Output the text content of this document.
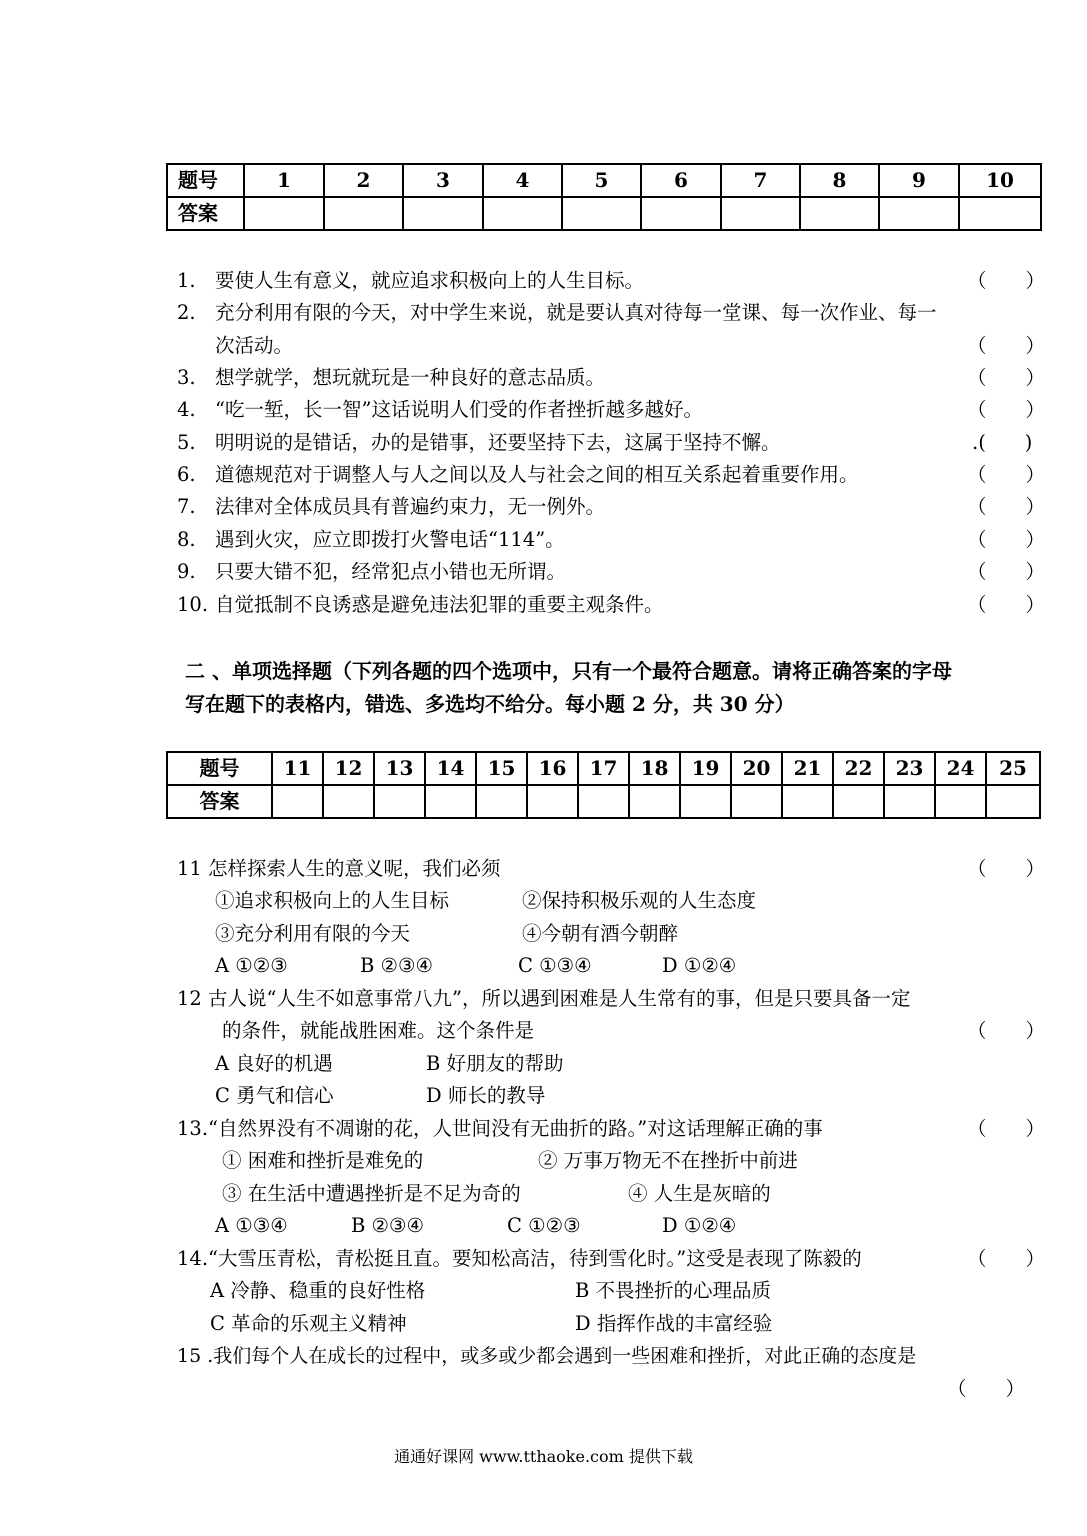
题号	1	2	3	4	5	6	7	8	9	10
答案										
1. 要使人生有意义，就应追求积极向上的人生目标。	（　　）
2. 充分利用有限的今天，对中学生来说，就是要认真对待每一堂课、每一次作业、每一
次活动。	（　　）
3. 想学就学，想玩就玩是一种良好的意志品质。	（　　）
4. “吃一堑，长一智”这话说明人们受的作者挫折越多越好。	（　　）
5. 明明说的是错话，办的是错事，还要坚持下去，这属于坚持不懈。	.(　　)
6. 道德规范对于调整人与人之间以及人与社会之间的相互关系起着重要作用。	（　　）
7. 法律对全体成员具有普遍约束力，无一例外。	（　　）
8. 遇到火灾，应立即拨打火警电话“114”。	（　　）
9. 只要大错不犯，经常犯点小错也无所谓。	（　　）
10. 自觉抵制不良诱惑是避免违法犯罪的重要主观条件。	（　　）
二 、单项选择题（下列各题的四个选项中，只有一个最符合题意。请将正确答案的字母
写在题下的表格内，错选、多选均不给分。每小题 2 分，共 30 分）
题号	11	12	13	14	15	16	17	18	19	20	21	22	23	24	25
答案															
11 怎样探索人生的意义呢，我们必须	（　　）
①追求积极向上的人生目标	②保持积极乐观的人生态度
③充分利用有限的今天	④今朝有酒今朝醉
A ①②③	B ②③④	C ①③④	D ①②④
12 古人说“人生不如意事常八九”，所以遇到困难是人生常有的事，但是只要具备一定
的条件，就能战胜困难。这个条件是	（　　）
A 良好的机遇	B 好朋友的帮助
C 勇气和信心	D 师长的教导
13.“自然界没有不凋谢的花，人世间没有无曲折的路。”对这话理解正确的事	（　　）
① 困难和挫折是难免的	② 万事万物无不在挫折中前进
③ 在生活中遭遇挫折是不足为奇的	④ 人生是灰暗的
A ①③④	B ②③④	C ①②③	D ①②④
14.“大雪压青松，青松挺且直。要知松高洁，待到雪化时。”这受是表现了陈毅的	（　　）
A 冷静、稳重的良好性格	B 不畏挫折的心理品质
C 革命的乐观主义精神	D 指挥作战的丰富经验
15 .我们每个人在成长的过程中，或多或少都会遇到一些困难和挫折，对此正确的态度是
（　　）
通通好课网 www.tthaoke.com 提供下载
